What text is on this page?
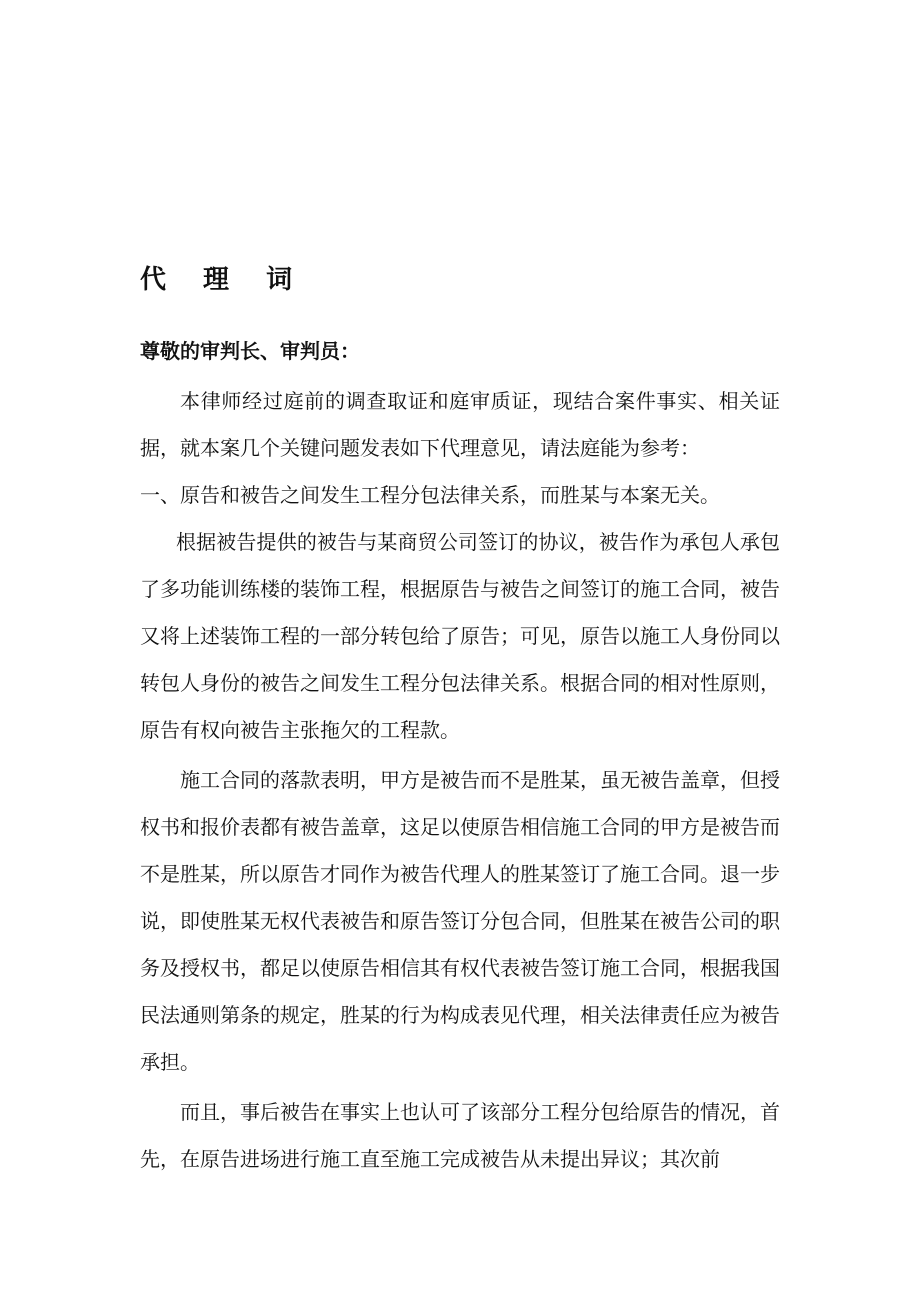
代 理 词

尊敬的审判长、审判员：

本律师经过庭前的调查取证和庭审质证，现结合案件事实、相关证据，就本案几个关键问题发表如下代理意见，请法庭能为参考：

一、原告和被告之间发生工程分包法律关系，而胜某与本案无关。

根据被告提供的被告与某商贸公司签订的协议，被告作为承包人承包了多功能训练楼的装饰工程，根据原告与被告之间签订的施工合同，被告又将上述装饰工程的一部分转包给了原告；可见，原告以施工人身份同以转包人身份的被告之间发生工程分包法律关系。根据合同的相对性原则，原告有权向被告主张拖欠的工程款。

施工合同的落款表明，甲方是被告而不是胜某，虽无被告盖章，但授权书和报价表都有被告盖章，这足以使原告相信施工合同的甲方是被告而不是胜某，所以原告才同作为被告代理人的胜某签订了施工合同。退一步说，即使胜某无权代表被告和原告签订分包合同，但胜某在被告公司的职务及授权书，都足以使原告相信其有权代表被告签订施工合同，根据我国民法通则第条的规定，胜某的行为构成表见代理，相关法律责任应为被告承担。

而且，事后被告在事实上也认可了该部分工程分包给原告的情况，首先，在原告进场进行施工直至施工完成被告从未提出异议；其次前
